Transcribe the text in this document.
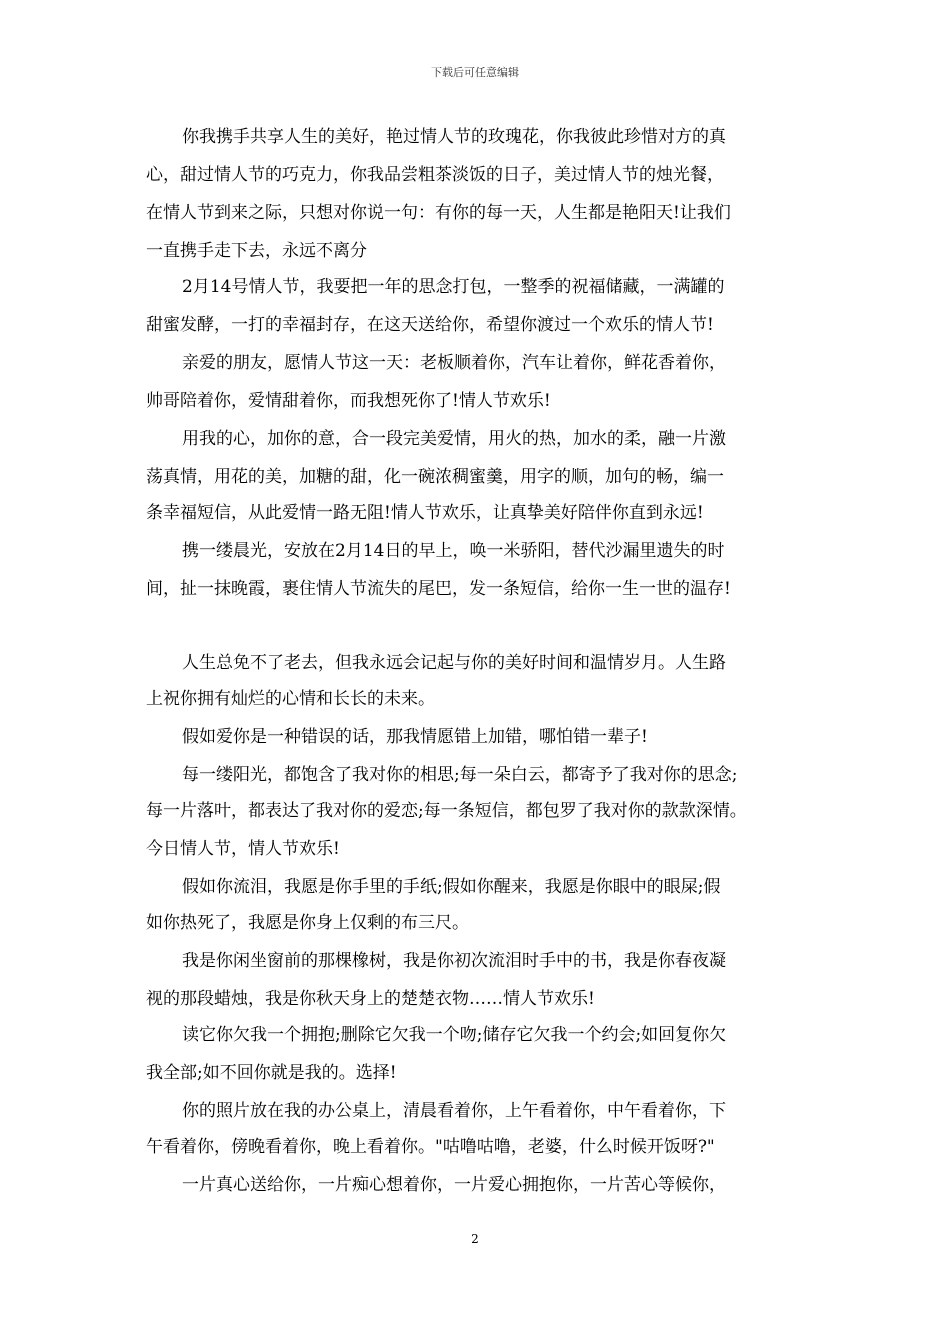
下载后可任意编辑
你我携手共享人生的美好，艳过情人节的玫瑰花，你我彼此珍惜对方的真
心，甜过情人节的巧克力，你我品尝粗茶淡饭的日子，美过情人节的烛光餐，
在情人节到来之际，只想对你说一句：有你的每一天，人生都是艳阳天!让我们
一直携手走下去，永远不离分
2月14号情人节，我要把一年的思念打包，一整季的祝福储藏，一满罐的
甜蜜发酵，一打的幸福封存，在这天送给你，希望你渡过一个欢乐的情人节!
亲爱的朋友，愿情人节这一天：老板顺着你，汽车让着你，鲜花香着你，
帅哥陪着你，爱情甜着你，而我想死你了!情人节欢乐!
用我的心，加你的意，合一段完美爱情，用火的热，加水的柔，融一片激
荡真情，用花的美，加糖的甜，化一碗浓稠蜜羹，用字的顺，加句的畅，编一
条幸福短信，从此爱情一路无阻!情人节欢乐，让真挚美好陪伴你直到永远!
携一缕晨光，安放在2月14日的早上，唤一米骄阳，替代沙漏里遗失的时
间，扯一抹晚霞，裹住情人节流失的尾巴，发一条短信，给你一生一世的温存!
人生总免不了老去，但我永远会记起与你的美好时间和温情岁月。人生路
上祝你拥有灿烂的心情和长长的未来。
假如爱你是一种错误的话，那我情愿错上加错，哪怕错一辈子!
每一缕阳光，都饱含了我对你的相思;每一朵白云，都寄予了我对你的思念;
每一片落叶，都表达了我对你的爱恋;每一条短信，都包罗了我对你的款款深情。
今日情人节，情人节欢乐!
假如你流泪，我愿是你手里的手纸;假如你醒来，我愿是你眼中的眼屎;假
如你热死了，我愿是你身上仅剩的布三尺。
我是你闲坐窗前的那棵橡树，我是你初次流泪时手中的书，我是你春夜凝
视的那段蜡烛，我是你秋天身上的楚楚衣物……情人节欢乐!
读它你欠我一个拥抱;删除它欠我一个吻;储存它欠我一个约会;如回复你欠
我全部;如不回你就是我的。选择!
你的照片放在我的办公桌上，清晨看着你，上午看着你，中午看着你，下
午看着你，傍晚看着你，晚上看着你。"咕噜咕噜，老婆，什么时候开饭呀?"
一片真心送给你，一片痴心想着你，一片爱心拥抱你，一片苦心等候你，
2
